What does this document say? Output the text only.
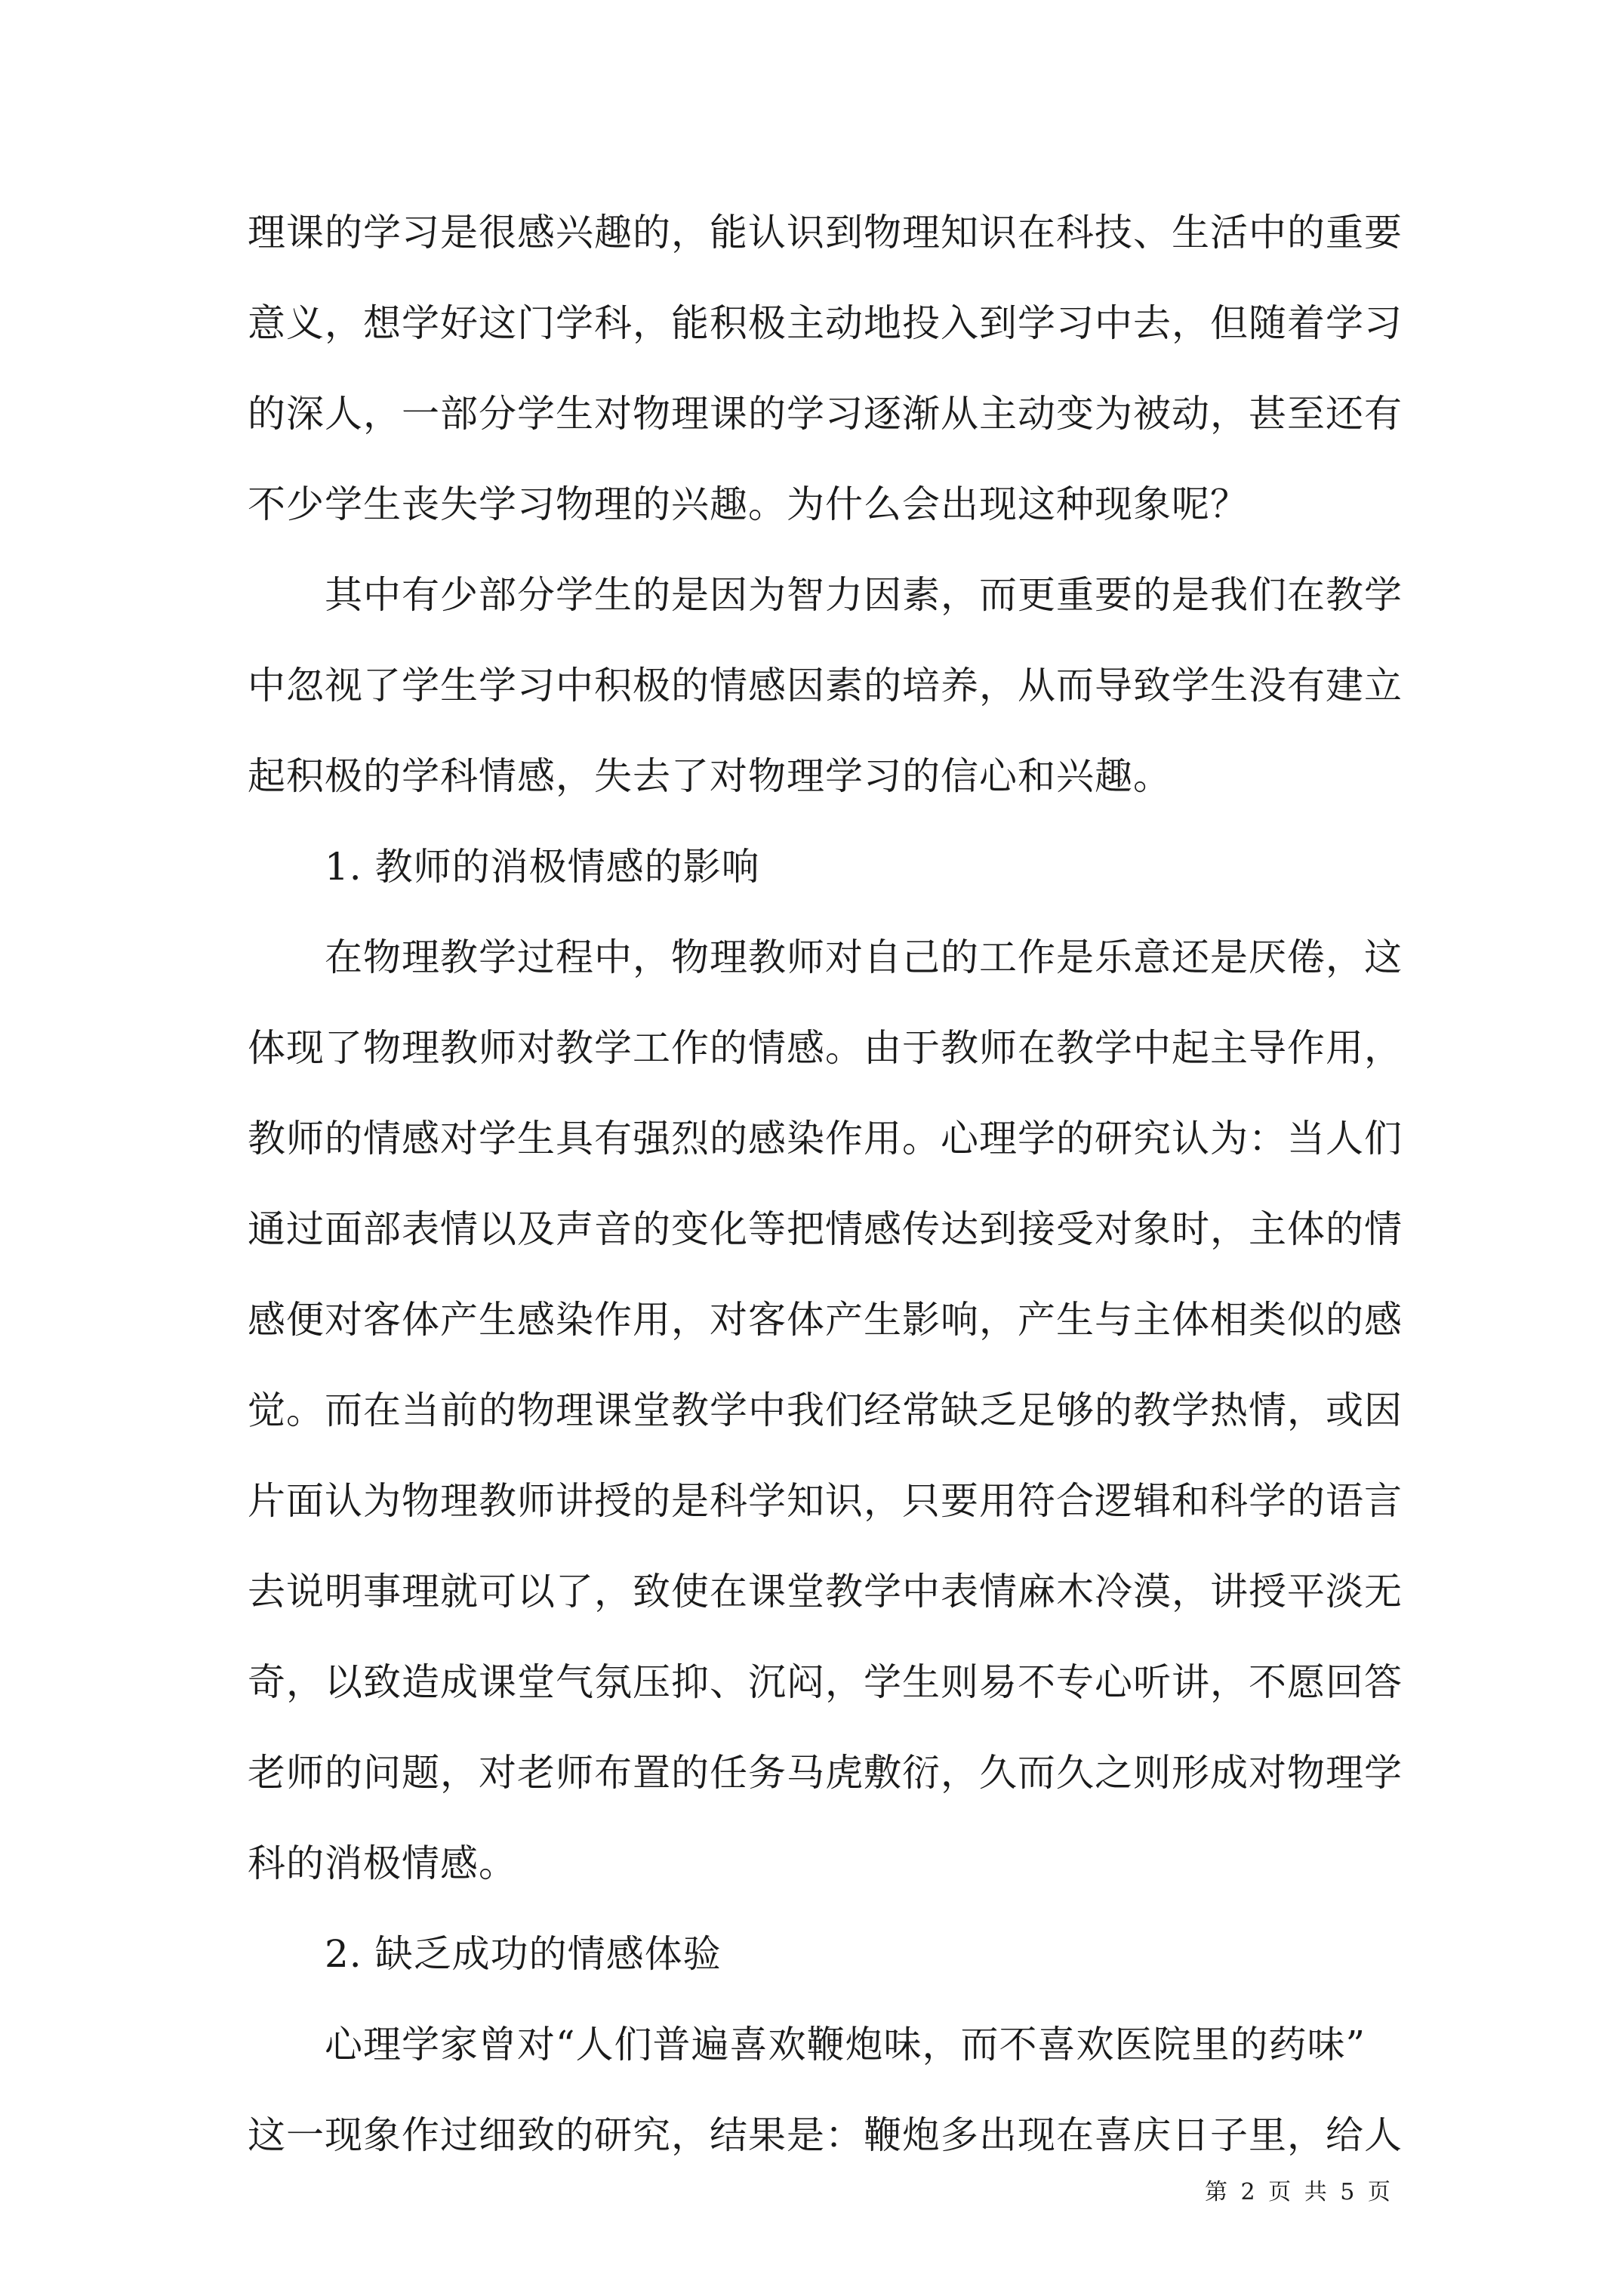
理课的学习是很感兴趣的，能认识到物理知识在科技、生活中的重要
意义，想学好这门学科，能积极主动地投入到学习中去，但随着学习
的深人，一部分学生对物理课的学习逐渐从主动变为被动，甚至还有
不少学生丧失学习物理的兴趣。为什么会出现这种现象呢？
其中有少部分学生的是因为智力因素，而更重要的是我们在教学
中忽视了学生学习中积极的情感因素的培养，从而导致学生没有建立
起积极的学科情感，失去了对物理学习的信心和兴趣。
1. 教师的消极情感的影响
在物理教学过程中，物理教师对自己的工作是乐意还是厌倦，这
体现了物理教师对教学工作的情感。由于教师在教学中起主导作用，
教师的情感对学生具有强烈的感染作用。心理学的研究认为：当人们
通过面部表情以及声音的变化等把情感传达到接受对象时，主体的情
感便对客体产生感染作用，对客体产生影响，产生与主体相类似的感
觉。而在当前的物理课堂教学中我们经常缺乏足够的教学热情，或因
片面认为物理教师讲授的是科学知识，只要用符合逻辑和科学的语言
去说明事理就可以了，致使在课堂教学中表情麻木冷漠，讲授平淡无
奇，以致造成课堂气氛压抑、沉闷，学生则易不专心听讲，不愿回答
老师的问题，对老师布置的任务马虎敷衍，久而久之则形成对物理学
科的消极情感。
2. 缺乏成功的情感体验
心理学家曾对“人们普遍喜欢鞭炮味，而不喜欢医院里的药味”
这一现象作过细致的研究，结果是：鞭炮多出现在喜庆日子里，给人
第 2 页 共 5 页
